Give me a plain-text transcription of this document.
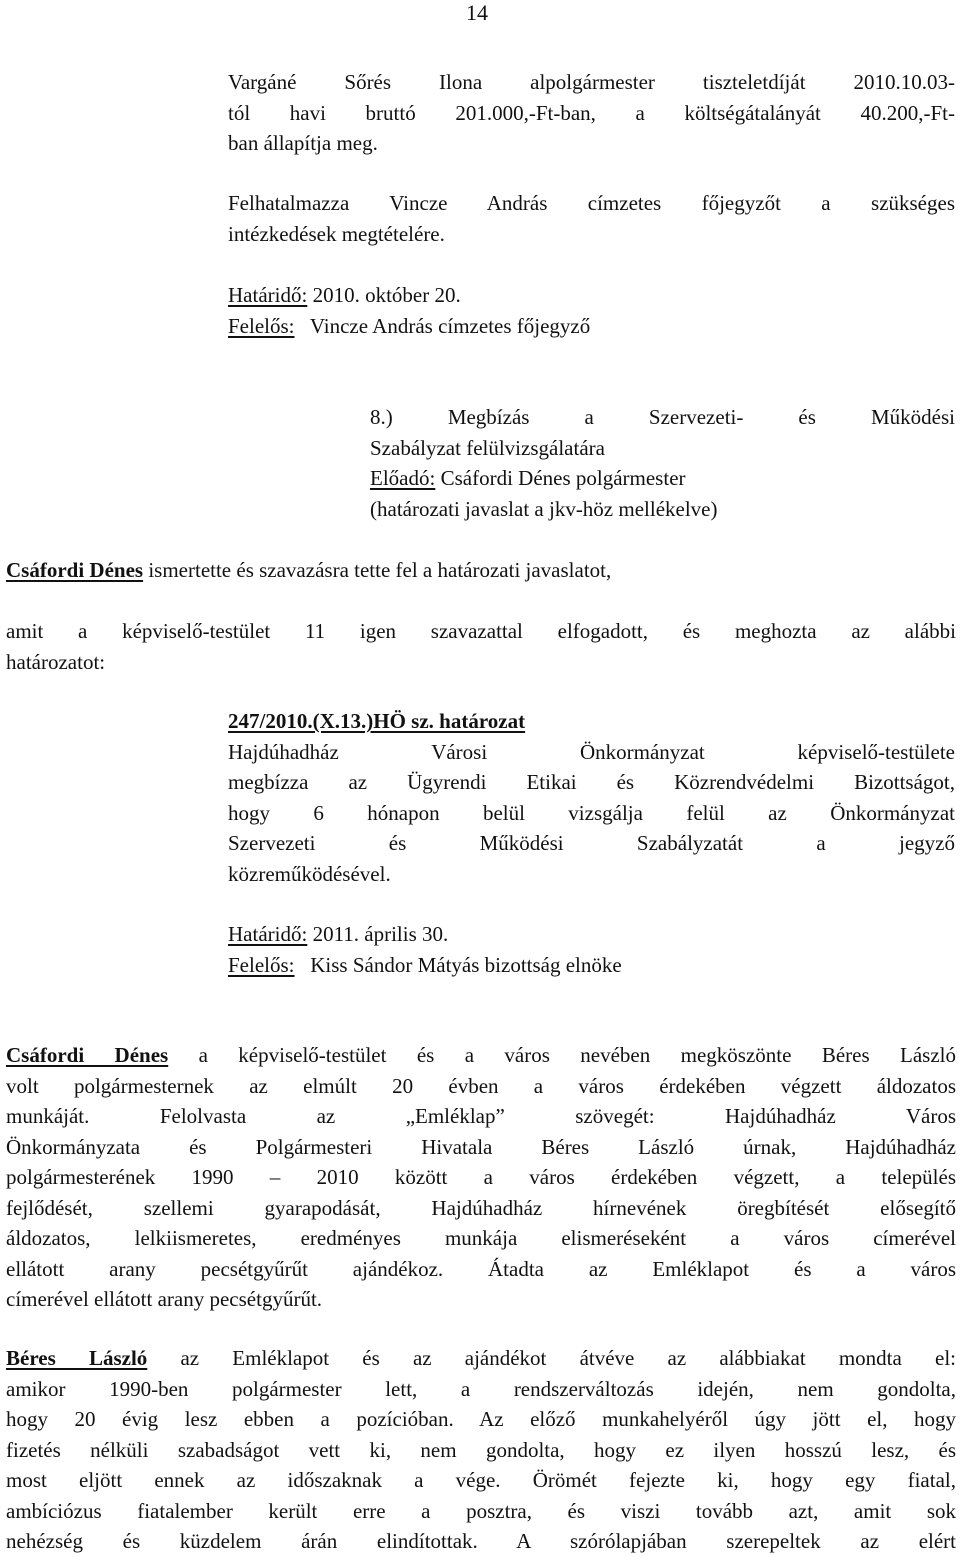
14
Vargáné Sőrés Ilona alpolgármester tiszteletdíját 2010.10.03-
tól havi bruttó 201.000,-Ft-ban, a költségátalányát 40.200,-Ft-
ban állapítja meg.
Felhatalmazza Vincze András címzetes főjegyzőt a szükséges
intézkedések megtételére.
Határidő: 2010. október 20.
Felelős:   Vincze András címzetes főjegyző
8.) Megbízás a Szervezeti- és Működési
Szabályzat felülvizsgálatára
Előadó: Csáfordi Dénes polgármester
(határozati javaslat a jkv-höz mellékelve)
Csáfordi Dénes ismertette és szavazásra tette fel a határozati javaslatot,
amit a képviselő-testület 11 igen szavazattal elfogadott, és meghozta az alábbi
határozatot:
247/2010.(X.13.)HÖ sz. határozat
Hajdúhadház Városi Önkormányzat képviselő-testülete
megbízza az Ügyrendi Etikai és Közrendvédelmi Bizottságot,
hogy 6 hónapon belül vizsgálja felül az Önkormányzat
Szervezeti és Működési Szabályzatát a jegyző
közreműködésével.
Határidő: 2011. április 30.
Felelős:   Kiss Sándor Mátyás bizottság elnöke
Csáfordi Dénes a képviselő-testület és a város nevében megköszönte Béres László
volt polgármesternek az elmúlt 20 évben a város érdekében végzett áldozatos
munkáját. Felolvasta az „Emléklap” szövegét: Hajdúhadház Város
Önkormányzata és Polgármesteri Hivatala Béres László úrnak, Hajdúhadház
polgármesterének 1990 – 2010 között a város érdekében végzett, a település
fejlődését, szellemi gyarapodását, Hajdúhadház hírnevének öregbítését elősegítő
áldozatos, lelkiismeretes, eredményes munkája elismeréseként a város címerével
ellátott arany pecsétgyűrűt ajándékoz. Átadta az Emléklapot és a város
címerével ellátott arany pecsétgyűrűt.
Béres László az Emléklapot és az ajándékot átvéve az alábbiakat mondta el:
amikor 1990-ben polgármester lett, a rendszerváltozás idején, nem gondolta,
hogy 20 évig lesz ebben a pozícióban. Az előző munkahelyéről úgy jött el, hogy
fizetés nélküli szabadságot vett ki, nem gondolta, hogy ez ilyen hosszú lesz, és
most eljött ennek az időszaknak a vége. Örömét fejezte ki, hogy egy fiatal,
ambíciózus fiatalember került erre a posztra, és viszi tovább azt, amit sok
nehézség és küzdelem árán elindítottak. A szórólapjában szerepeltek az elért
